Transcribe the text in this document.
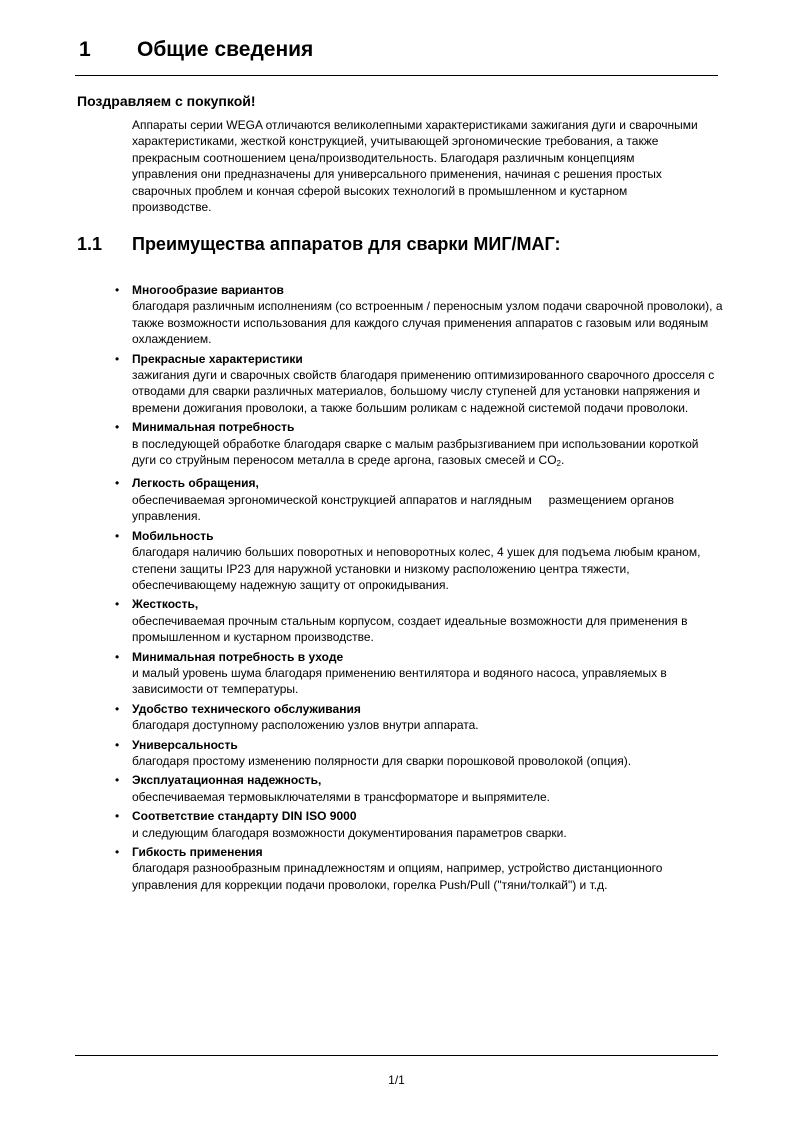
1 Общие сведения
Поздравляем с покупкой!

Аппараты серии WEGA отличаются великолепными характеристиками зажигания дуги и сварочными характеристиками, жесткой конструкцией, учитывающей эргономические требования, а также прекрасным соотношением цена/производительность. Благодаря различным концепциям управления они предназначены для универсального применения, начиная с решения простых сварочных проблем и кончая сферой высоких технологий в промышленном и кустарном производстве.

1.1 Преимущества аппаратов для сварки МИГ/МАГ:
• Многообразие вариантов
благодаря различным исполнениям (со встроенным / переносным узлом подачи сварочной проволоки), а также возможности использования для каждого случая применения аппаратов с газовым или водяным охлаждением.
• Прекрасные характеристики
зажигания дуги и сварочных свойств благодаря применению оптимизированного сварочного дросселя с отводами для сварки различных материалов, большому числу ступеней для установки напряжения и времени дожигания проволоки, а также большим роликам с надежной системой подачи проволоки.
• Минимальная потребность
в последующей обработке благодаря сварке с малым разбрызгиванием при использовании короткой дуги со струйным переносом металла в среде аргона, газовых смесей и $CO_2$.
• Легкость обращения,
обеспечиваемая эргономической конструкцией аппаратов и наглядным     размещением органов управления.
• Мобильность
благодаря наличию больших поворотных и неповоротных колес, 4 ушек для подъема любым краном, степени защиты IP23 для наружной установки и низкому расположению центра тяжести, обеспечивающему надежную защиту от опрокидывания.
• Жесткость,
обеспечиваемая прочным стальным корпусом, создает идеальные возможности для применения в промышленном и кустарном производстве.
• Минимальная потребность в уходе
и малый уровень шума благодаря применению вентилятора и водяного насоса, управляемых в зависимости от температуры.
• Удобство технического обслуживания
благодаря доступному расположению узлов внутри аппарата.
• Универсальность
благодаря простому изменению полярности для сварки порошковой проволокой (опция).
• Эксплуатационная надежность,
обеспечиваемая термовыключателями в трансформаторе и выпрямителе.
• Соответствие стандарту DIN ISO 9000
и следующим благодаря возможности документирования параметров сварки.
• Гибкость применения
благодаря разнообразным принадлежностям и опциям, например, устройство дистанционного управления для коррекции подачи проволоки, горелка Push/Pull ("тяни/толкай") и т.д.
1/1
